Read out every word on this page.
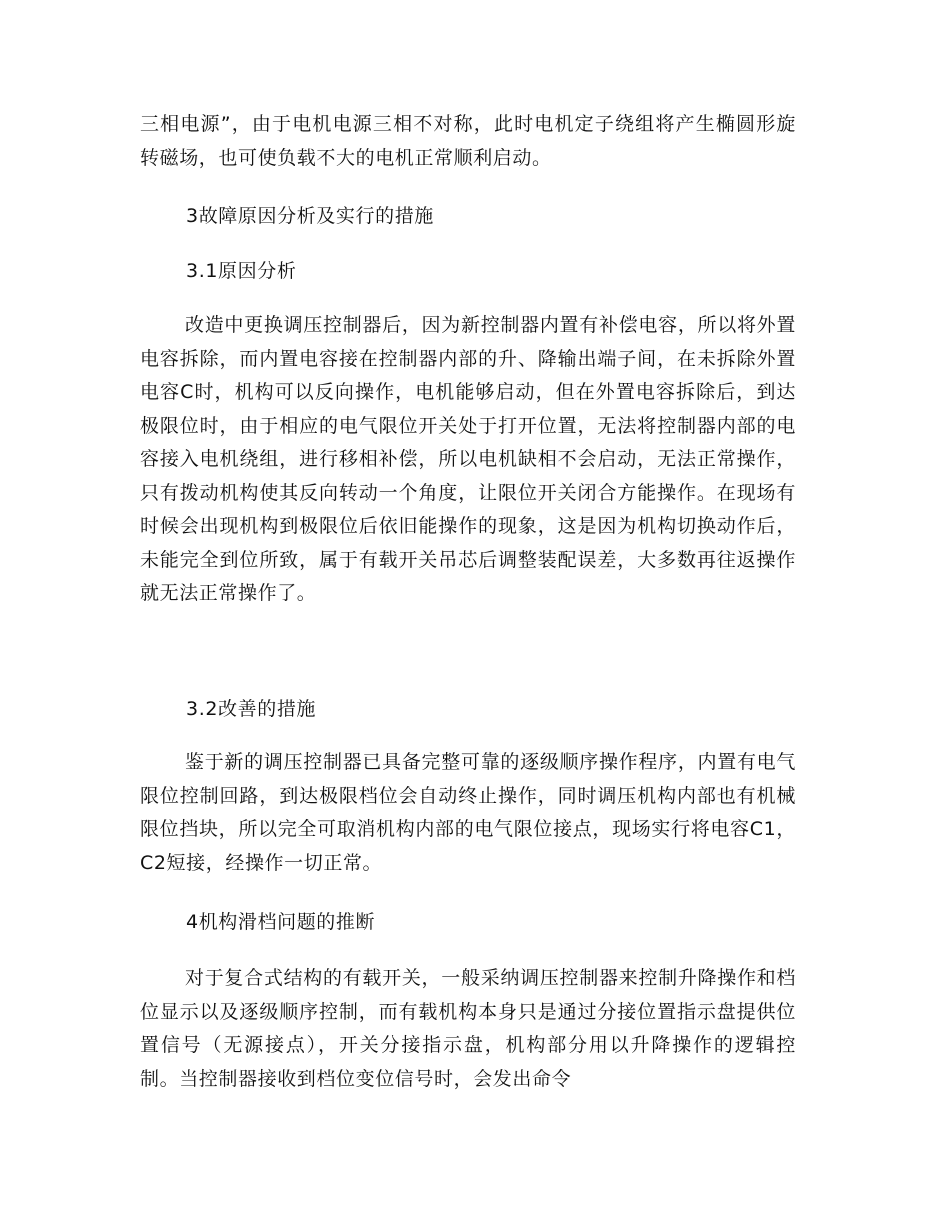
三相电源”，由于电机电源三相不对称，此时电机定子绕组将产生椭圆形旋转磁场，也可使负载不大的电机正常顺利启动。

3故障原因分析及实行的措施

3.1原因分析

改造中更换调压控制器后，因为新控制器内置有补偿电容，所以将外置电容拆除，而内置电容接在控制器内部的升、降输出端子间，在未拆除外置电容C时，机构可以反向操作，电机能够启动，但在外置电容拆除后，到达极限位时，由于相应的电气限位开关处于打开位置，无法将控制器内部的电容接入电机绕组，进行移相补偿，所以电机缺相不会启动，无法正常操作，只有拨动机构使其反向转动一个角度，让限位开关闭合方能操作。在现场有时候会出现机构到极限位后依旧能操作的现象，这是因为机构切换动作后，未能完全到位所致，属于有载开关吊芯后调整装配误差，大多数再往返操作就无法正常操作了。

3.2改善的措施

鉴于新的调压控制器已具备完整可靠的逐级顺序操作程序，内置有电气限位控制回路，到达极限档位会自动终止操作，同时调压机构内部也有机械限位挡块，所以完全可取消机构内部的电气限位接点，现场实行将电容C1，C2短接，经操作一切正常。

4机构滑档问题的推断

对于复合式结构的有载开关，一般采纳调压控制器来控制升降操作和档位显示以及逐级顺序控制，而有载机构本身只是通过分接位置指示盘提供位置信号（无源接点），开关分接指示盘，机构部分用以升降操作的逻辑控制。当控制器接收到档位变位信号时，会发出命令
